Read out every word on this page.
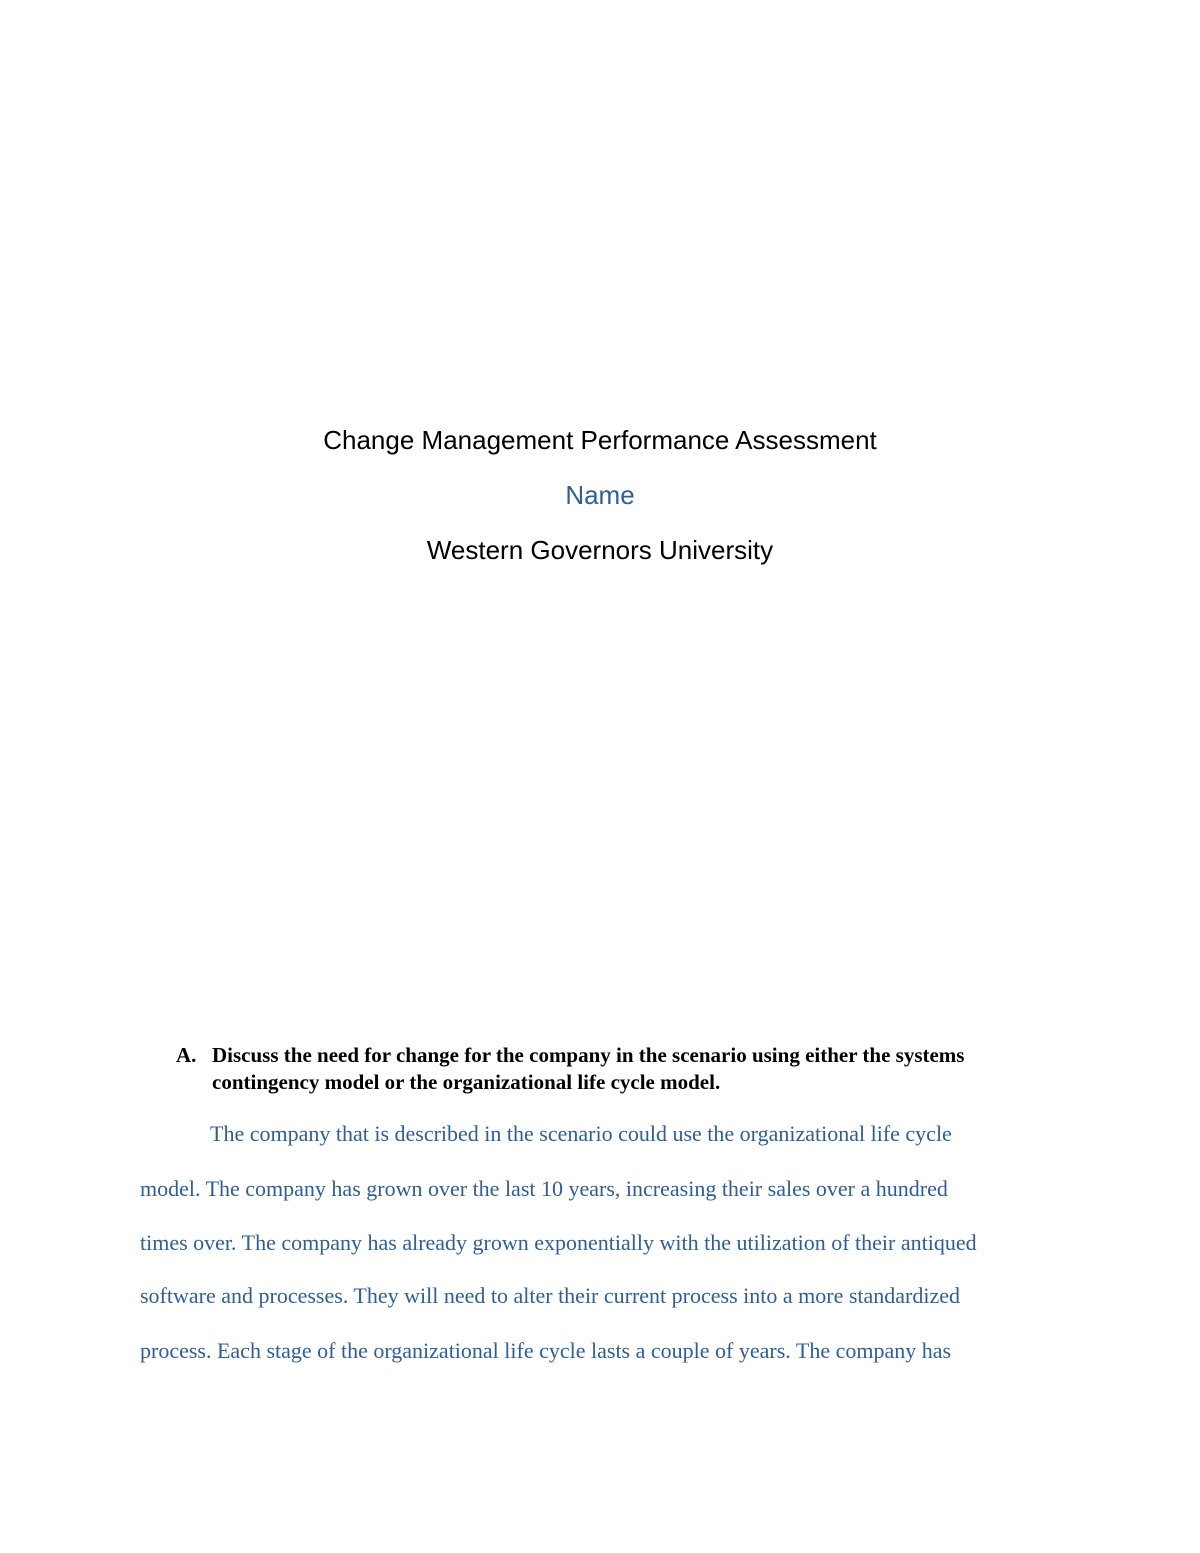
Change Management Performance Assessment
Name
Western Governors University
A. Discuss the need for change for the company in the scenario using either the systems
contingency model or the organizational life cycle model.
The company that is described in the scenario could use the organizational life cycle
model. The company has grown over the last 10 years, increasing their sales over a hundred
times over. The company has already grown exponentially with the utilization of their antiqued
software and processes. They will need to alter their current process into a more standardized
process. Each stage of the organizational life cycle lasts a couple of years. The company has
